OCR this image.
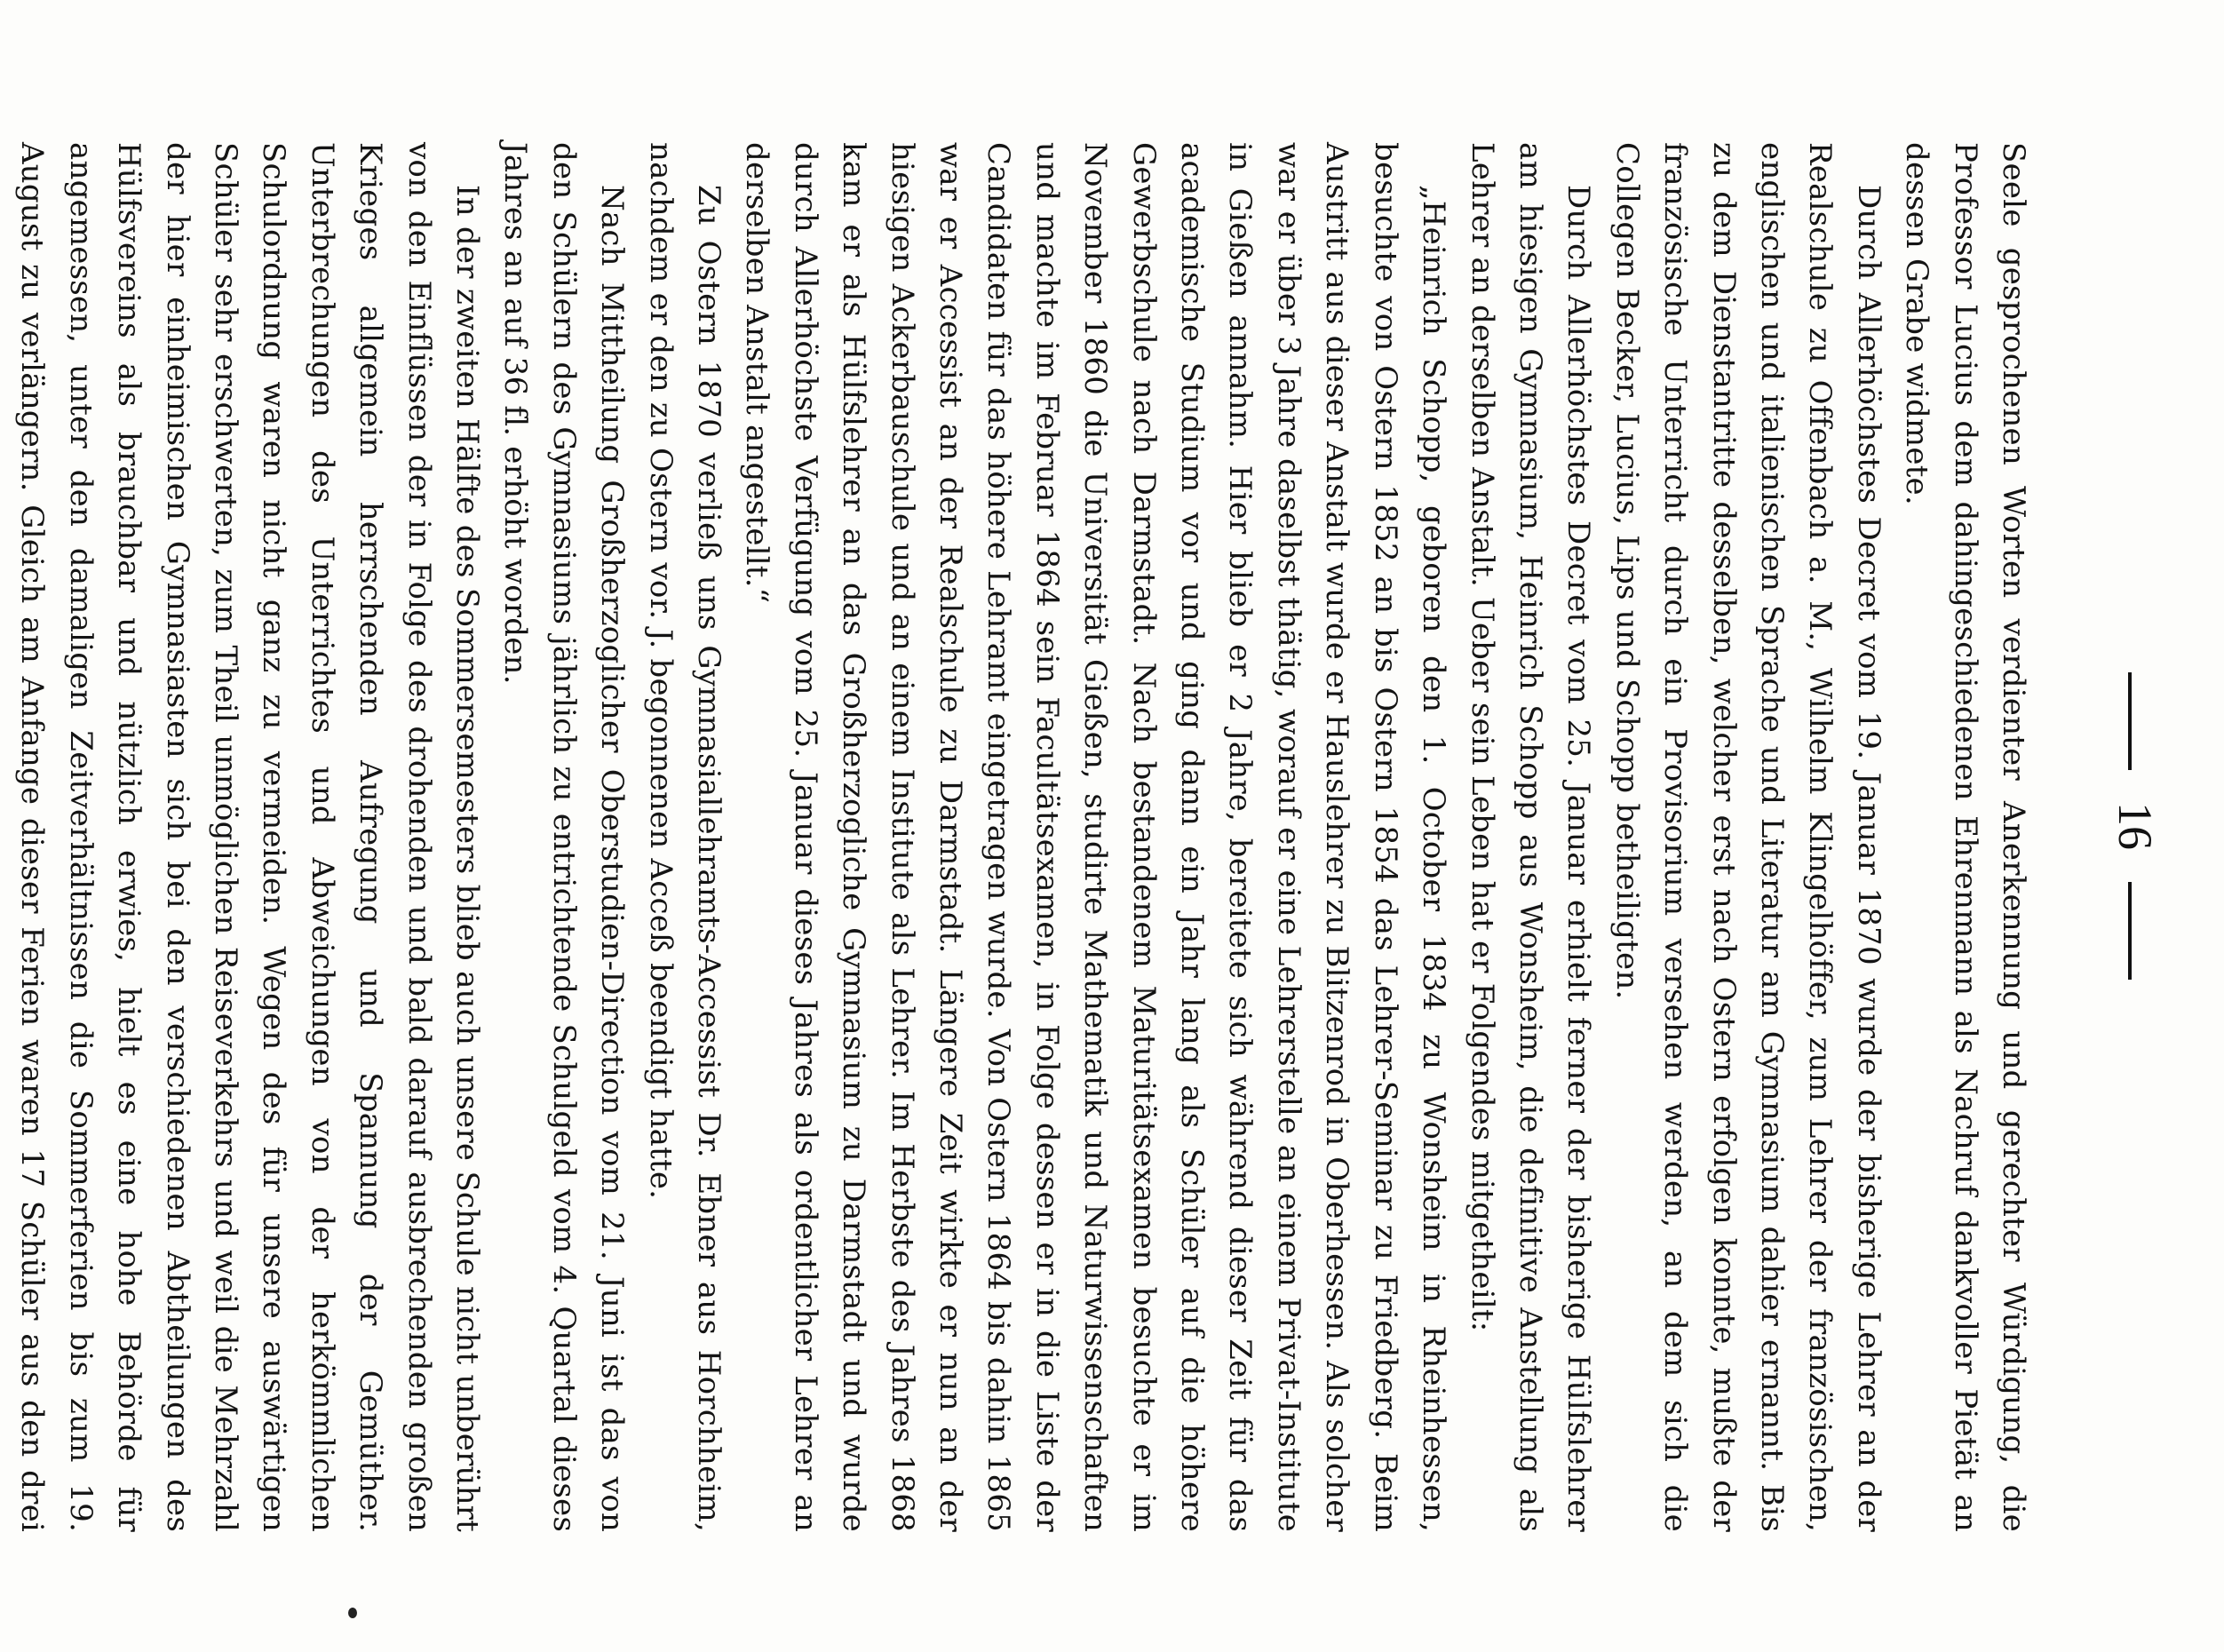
16

Seele gesprochenen Worten verdienter Anerkennung und gerechter Würdigung, die Professor Lucius dem dahingeschiedenen Ehrenmann als Nachruf dankvoller Pietät an dessen Grabe widmete.

Durch Allerhöchstes Decret vom 19. Januar 1870 wurde der bisherige Lehrer an der Realschule zu Offenbach a. M., Wilhelm Klingelhöffer, zum Lehrer der französischen, englischen und italienischen Sprache und Literatur am Gymnasium dahier ernannt. Bis zu dem Dienstantritte desselben, welcher erst nach Ostern erfolgen konnte, mußte der französische Unterricht durch ein Provisorium versehen werden, an dem sich die Collegen Becker, Lucius, Lips und Schopp betheiligten.

Durch Allerhöchstes Decret vom 25. Januar erhielt ferner der bisherige Hülfslehrer am hiesigen Gymnasium, Heinrich Schopp aus Wonsheim, die definitive Anstellung als Lehrer an derselben Anstalt. Ueber sein Leben hat er Folgendes mitgetheilt:

„Heinrich Schopp, geboren den 1. October 1834 zu Wonsheim in Rheinhessen, besuchte von Ostern 1852 an bis Ostern 1854 das Lehrer-Seminar zu Friedberg. Beim Austritt aus dieser Anstalt wurde er Hauslehrer zu Blitzenrod in Oberhessen. Als solcher war er über 3 Jahre daselbst thätig, worauf er eine Lehrerstelle an einem Privat-Institute in Gießen annahm. Hier blieb er 2 Jahre, bereitete sich während dieser Zeit für das academische Studium vor und ging dann ein Jahr lang als Schüler auf die höhere Gewerbschule nach Darmstadt. Nach bestandenem Maturitätsexamen besuchte er im November 1860 die Universität Gießen, studirte Mathematik und Naturwissenschaften und machte im Februar 1864 sein Facultätsexamen, in Folge dessen er in die Liste der Candidaten für das höhere Lehramt eingetragen wurde. Von Ostern 1864 bis dahin 1865 war er Accessist an der Realschule zu Darmstadt. Längere Zeit wirkte er nun an der hiesigen Ackerbauschule und an einem Institute als Lehrer. Im Herbste des Jahres 1868 kam er als Hülfslehrer an das Großherzogliche Gymnasium zu Darmstadt und wurde durch Allerhöchste Verfügung vom 25. Januar dieses Jahres als ordentlicher Lehrer an derselben Anstalt angestellt.“

Zu Ostern 1870 verließ uns Gymnasiallehramts-Accessist Dr. Ebner aus Horchheim, nachdem er den zu Ostern vor. J. begonnenen Acceß beendigt hatte.

Nach Mittheilung Großherzoglicher Oberstudien-Direction vom 21. Juni ist das von den Schülern des Gymnasiums jährlich zu entrichtende Schulgeld vom 4. Quartal dieses Jahres an auf 36 fl. erhöht worden.

In der zweiten Hälfte des Sommersemesters blieb auch unsere Schule nicht unberührt von den Einflüssen der in Folge des drohenden und bald darauf ausbrechenden großen Krieges allgemein herrschenden Aufregung und Spannung der Gemüther. Unterbrechungen des Unterrichtes und Abweichungen von der herkömmlichen Schulordnung waren nicht ganz zu vermeiden. Wegen des für unsere auswärtigen Schüler sehr erschwerten, zum Theil unmöglichen Reiseverkehrs und weil die Mehrzahl der hier einheimischen Gymnasiasten sich bei den verschiedenen Abtheilungen des Hülfsvereins als brauchbar und nützlich erwies, hielt es eine hohe Behörde für angemessen, unter den damaligen Zeitverhältnissen die Sommerferien bis zum 19. August zu verlängern. Gleich am Anfange dieser Ferien waren 17 Schüler aus den drei
